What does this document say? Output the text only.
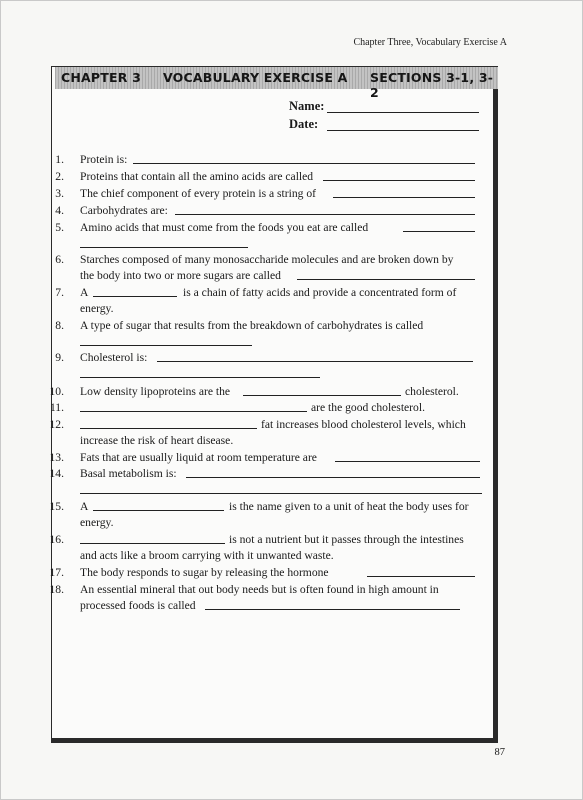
Chapter Three, Vocabulary Exercise A
CHAPTER 3 VOCABULARY EXERCISE A SECTIONS 3-1, 3-2
Name:
Date:
1. Protein is:
2. Proteins that contain all the amino acids are called
3. The chief component of every protein is a string of
4. Carbohydrates are:
5. Amino acids that must come from the foods you eat are called
6. Starches composed of many monosaccharide molecules and are broken down by
the body into two or more sugars are called
7. A	is a chain of fatty acids and provide a concentrated form of
energy.
8. A type of sugar that results from the breakdown of carbohydrates is called
9. Cholesterol is:
10. Low density lipoproteins are the	cholesterol.
11.	are the good cholesterol.
12.	fat increases blood cholesterol levels, which
increase the risk of heart disease.
13. Fats that are usually liquid at room temperature are
14. Basal metabolism is:
15. A	is the name given to a unit of heat the body uses for
energy.
16.	is not a nutrient but it passes through the intestines
and acts like a broom carrying with it unwanted waste.
17. The body responds to sugar by releasing the hormone
18. An essential mineral that out body needs but is often found in high amount in
processed foods is called
87
